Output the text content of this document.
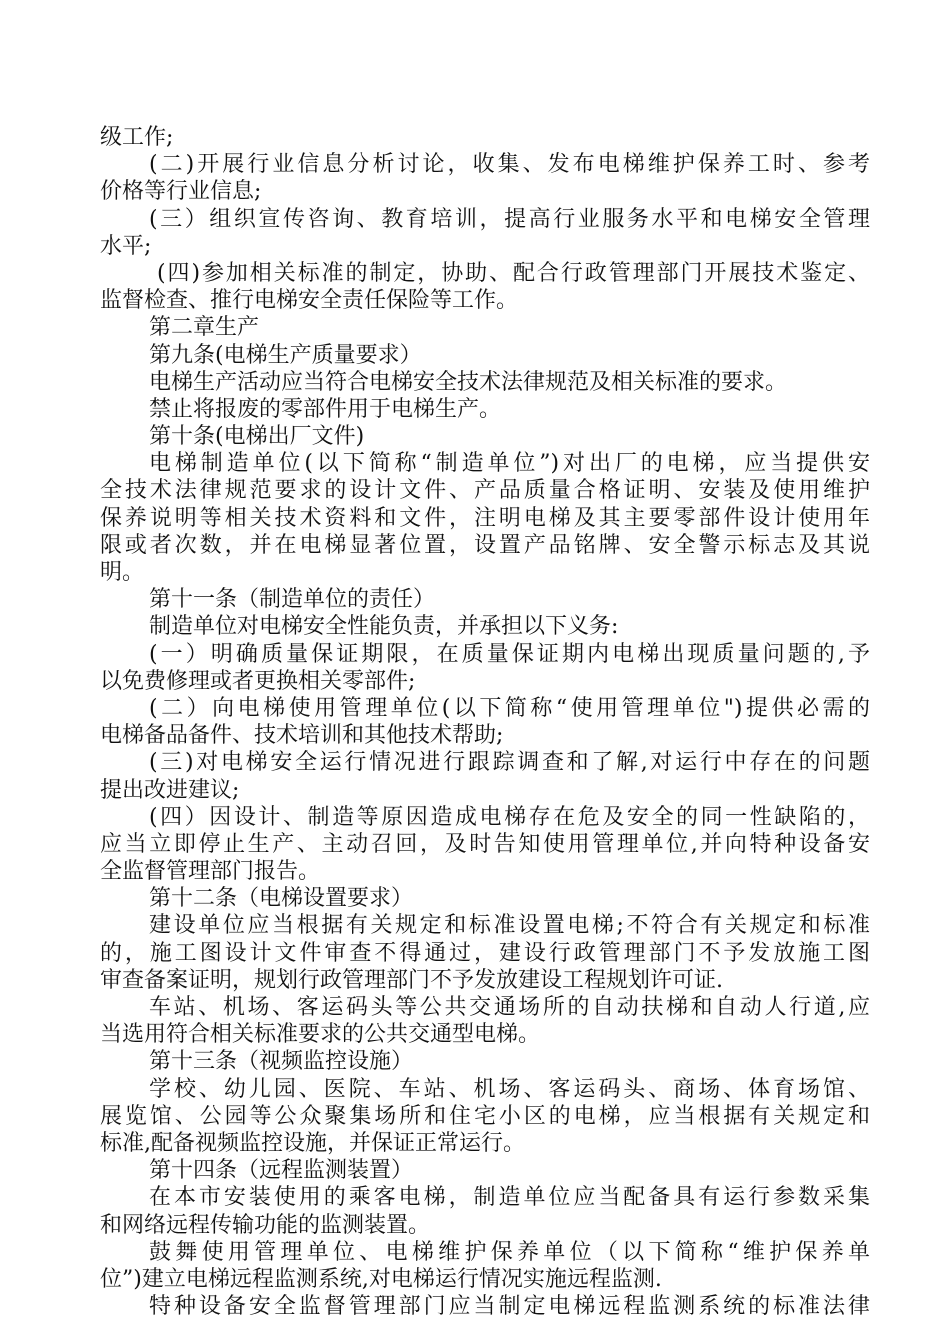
级工作;
(二)开展行业信息分析讨论，收集、发布电梯维护保养工时、参考
价格等行业信息;
(三）组织宣传咨询、教育培训，提高行业服务水平和电梯安全管理
水平;
(四)参加相关标准的制定，协助、配合行政管理部门开展技术鉴定、
监督检查、推行电梯安全责任保险等工作。
第二章生产
第九条(电梯生产质量要求）
电梯生产活动应当符合电梯安全技术法律规范及相关标准的要求。
禁止将报废的零部件用于电梯生产。
第十条(电梯出厂文件)
电梯制造单位(以下简称“制造单位”)对出厂的电梯，应当提供安
全技术法律规范要求的设计文件、产品质量合格证明、安装及使用维护
保养说明等相关技术资料和文件，注明电梯及其主要零部件设计使用年
限或者次数，并在电梯显著位置，设置产品铭牌、安全警示标志及其说
明。
第十一条（制造单位的责任）
制造单位对电梯安全性能负责，并承担以下义务:
(一）明确质量保证期限，在质量保证期内电梯出现质量问题的,予
以免费修理或者更换相关零部件;
(二）向电梯使用管理单位(以下简称“使用管理单位")提供必需的
电梯备品备件、技术培训和其他技术帮助;
(三)对电梯安全运行情况进行跟踪调查和了解,对运行中存在的问题
提出改进建议;
(四）因设计、制造等原因造成电梯存在危及安全的同一性缺陷的，
应当立即停止生产、主动召回，及时告知使用管理单位,并向特种设备安
全监督管理部门报告。
第十二条（电梯设置要求）
建设单位应当根据有关规定和标准设置电梯;不符合有关规定和标准
的，施工图设计文件审查不得通过，建设行政管理部门不予发放施工图
审查备案证明，规划行政管理部门不予发放建设工程规划许可证.
车站、机场、客运码头等公共交通场所的自动扶梯和自动人行道,应
当选用符合相关标准要求的公共交通型电梯。
第十三条（视频监控设施）
学校、幼儿园、医院、车站、机场、客运码头、商场、体育场馆、
展览馆、公园等公众聚集场所和住宅小区的电梯，应当根据有关规定和
标准,配备视频监控设施，并保证正常运行。
第十四条（远程监测装置）
在本市安装使用的乘客电梯，制造单位应当配备具有运行参数采集
和网络远程传输功能的监测装置。
鼓舞使用管理单位、电梯维护保养单位（以下简称“维护保养单
位”)建立电梯远程监测系统,对电梯运行情况实施远程监测.
特种设备安全监督管理部门应当制定电梯远程监测系统的标准法律
